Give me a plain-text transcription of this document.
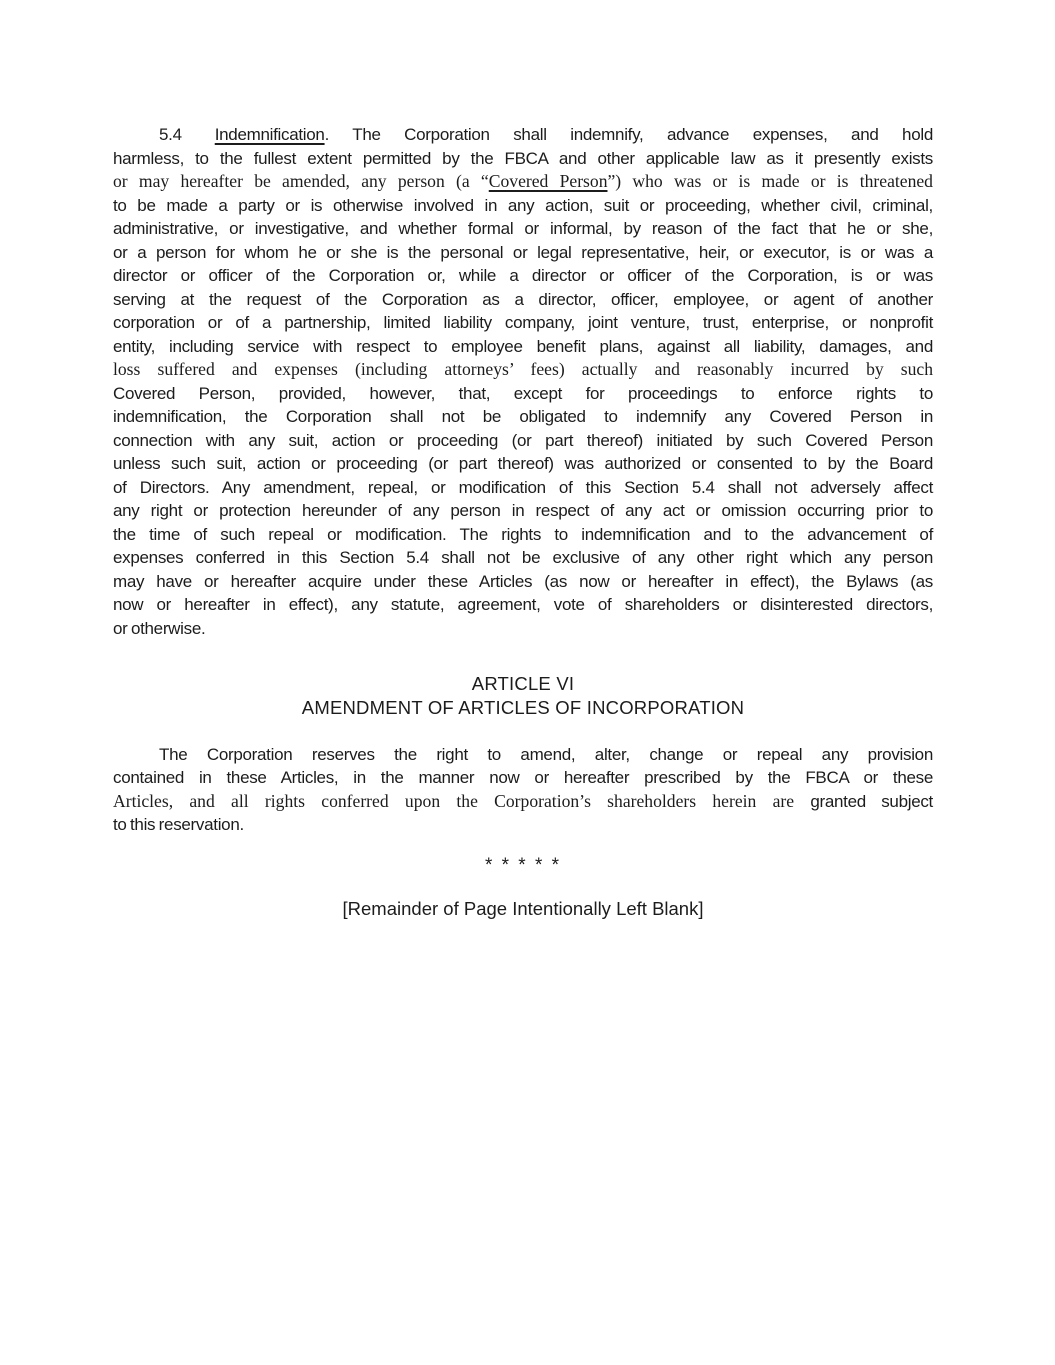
5.4 Indemnification. The Corporation shall indemnify, advance expenses, and hold
harmless, to the fullest extent permitted by the FBCA and other applicable law as it presently exists
or may hereafter be amended, any person (a “Covered Person”) who was or is made or is threatened
to be made a party or is otherwise involved in any action, suit or proceeding, whether civil, criminal,
administrative, or investigative, and whether formal or informal, by reason of the fact that he or she,
or a person for whom he or she is the personal or legal representative, heir, or executor, is or was a
director or officer of the Corporation or, while a director or officer of the Corporation, is or was
serving at the request of the Corporation as a director, officer, employee, or agent of another
corporation or of a partnership, limited liability company, joint venture, trust, enterprise, or nonprofit
entity, including service with respect to employee benefit plans, against all liability, damages, and
loss suffered and expenses (including attorneys’ fees) actually and reasonably incurred by such
Covered Person, provided, however, that, except for proceedings to enforce rights to
indemnification, the Corporation shall not be obligated to indemnify any Covered Person in
connection with any suit, action or proceeding (or part thereof) initiated by such Covered Person
unless such suit, action or proceeding (or part thereof) was authorized or consented to by the Board
of Directors. Any amendment, repeal, or modification of this Section 5.4 shall not adversely affect
any right or protection hereunder of any person in respect of any act or omission occurring prior to
the time of such repeal or modification. The rights to indemnification and to the advancement of
expenses conferred in this Section 5.4 shall not be exclusive of any other right which any person
may have or hereafter acquire under these Articles (as now or hereafter in effect), the Bylaws (as
now or hereafter in effect), any statute, agreement, vote of shareholders or disinterested directors,
or otherwise.
ARTICLE VI
AMENDMENT OF ARTICLES OF INCORPORATION
The Corporation reserves the right to amend, alter, change or repeal any provision
contained in these Articles, in the manner now or hereafter prescribed by the FBCA or these
Articles, and all rights conferred upon the Corporation’s shareholders herein are granted subject
to this reservation.
* * * * *
[Remainder of Page Intentionally Left Blank]
